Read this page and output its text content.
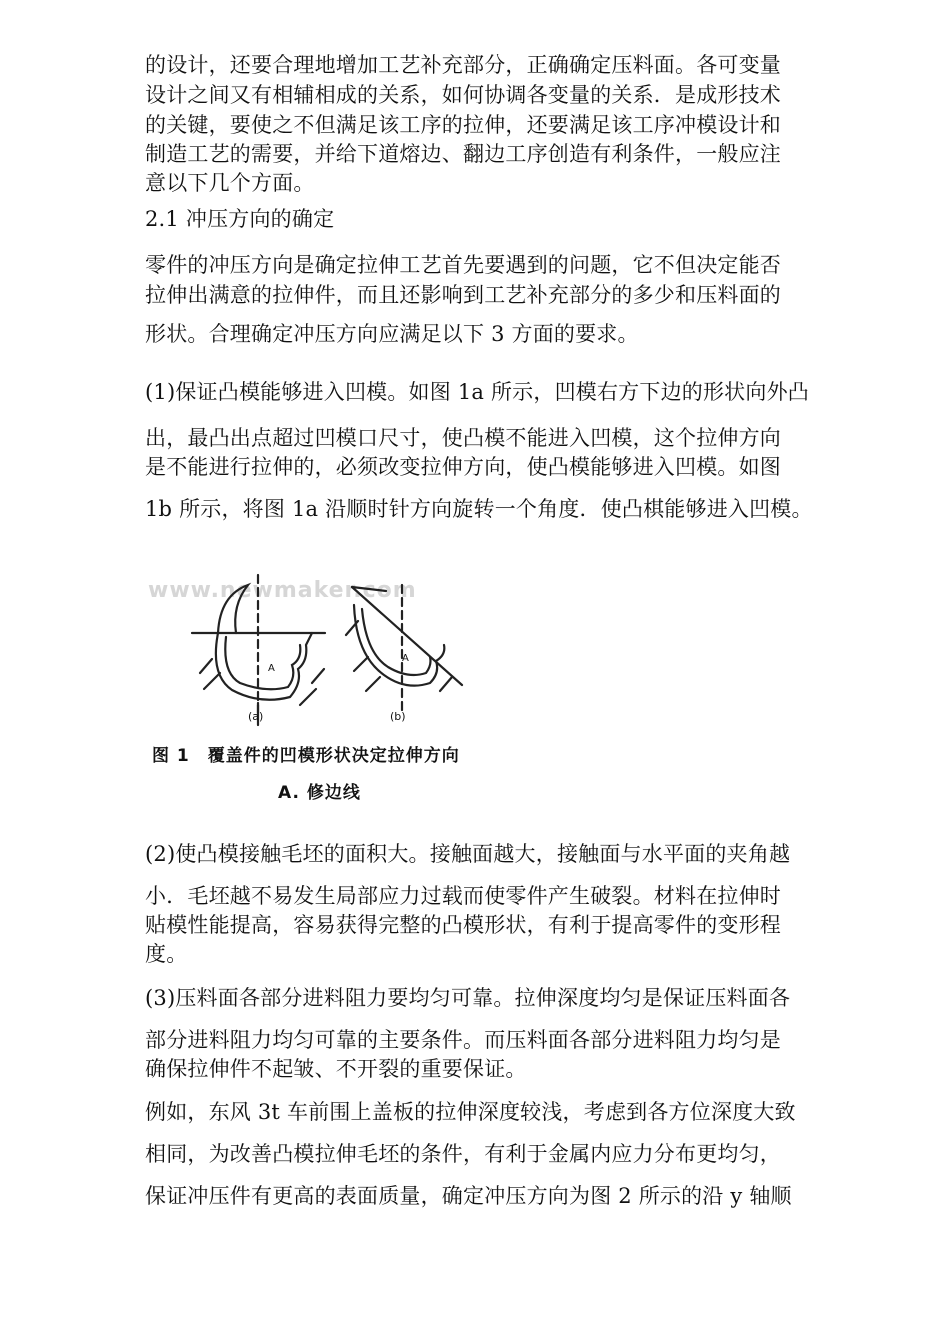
的设计，还要合理地增加工艺补充部分，正确确定压料面。各可变量
设计之间又有相辅相成的关系，如何协调各变量的关系．是成形技术
的关键，要使之不但满足该工序的拉伸，还要满足该工序冲模设计和
制造工艺的需要，并给下道熔边、翻边工序创造有利条件，一般应注
意以下几个方面。
2.1 冲压方向的确定
零件的冲压方向是确定拉伸工艺首先要遇到的问题，它不但决定能否
拉伸出满意的拉伸件，而且还影响到工艺补充部分的多少和压料面的
形状。合理确定冲压方向应满足以下 3 方面的要求。
(1)保证凸模能够进入凹模。如图 1a 所示，凹模右方下边的形状向外凸
出，最凸出点超过凹模口尺寸，使凸模不能进入凹模，这个拉伸方向
是不能进行拉伸的，必须改变拉伸方向，使凸模能够进入凹模。如图
1b 所示，将图 1a 沿顺时针方向旋转一个角度．使凸棋能够进入凹模。
www.newmaker.com
A
A
(a)	(b)
图 1　覆盖件的凹模形状决定拉伸方向
A. 修边线
(2)使凸模接触毛坯的面积大。接触面越大，接触面与水平面的夹角越
小．毛坯越不易发生局部应力过载而使零件产生破裂。材料在拉伸时
贴模性能提高，容易获得完整的凸模形状，有利于提高零件的变形程
度。
(3)压料面各部分进料阻力要均匀可靠。拉伸深度均匀是保证压料面各
部分进料阻力均匀可靠的主要条件。而压料面各部分进料阻力均匀是
确保拉伸件不起皱、不开裂的重要保证。
例如，东风 3t 车前围上盖板的拉伸深度较浅，考虑到各方位深度大致
相同，为改善凸模拉伸毛坯的条件，有利于金属内应力分布更均匀，
保证冲压件有更高的表面质量，确定冲压方向为图 2 所示的沿 y 轴顺
